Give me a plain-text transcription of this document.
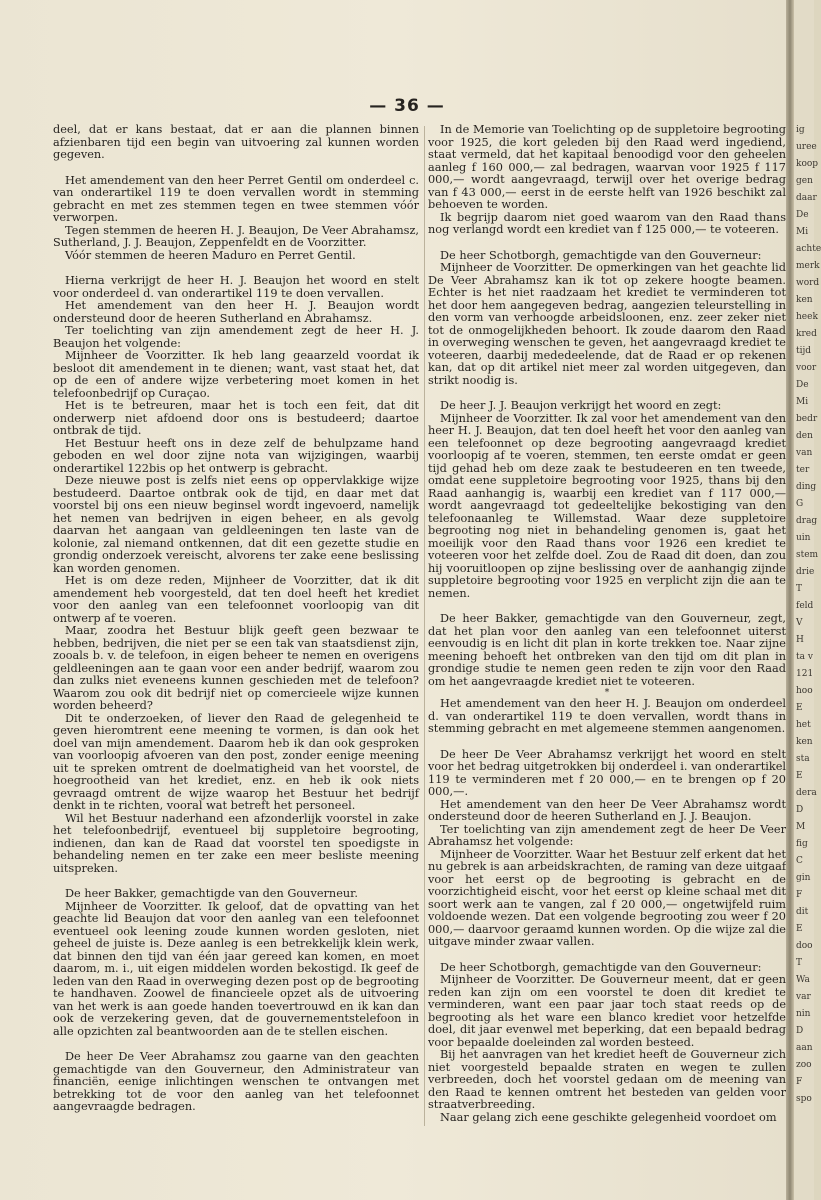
— 36 —

deel, dat er kans bestaat, dat er aan die plannen binnen afzienbaren tijd een begin van uitvoering zal kunnen worden gegeven.

Het amendement van den heer Perret Gentil om onderdeel c. van onderartikel 119 te doen vervallen wordt in stemming gebracht en met zes stemmen tegen en twee stemmen vóór verworpen.

Tegen stemmen de heeren H. J. Beaujon, De Veer Abrahamsz, Sutherland, J. J. Beaujon, Zeppenfeldt en de Voorzitter.

Vóór stemmen de heeren Maduro en Perret Gentil.

Hierna verkrijgt de heer H. J. Beaujon het woord en stelt voor onderdeel d. van onderartikel 119 te doen vervallen.

Het amendement van den heer H. J. Beaujon wordt ondersteund door de heeren Sutherland en Abrahamsz.

Ter toelichting van zijn amendement zegt de heer H. J. Beaujon het volgende:

Mijnheer de Voorzitter. Ik heb lang geaarzeld voordat ik besloot dit amendement in te dienen; want, vast staat het, dat op de een of andere wijze verbetering moet komen in het telefoonbedrijf op Curaçao.

Het is te betreuren, maar het is toch een feit, dat dit onderwerp niet afdoend door ons is bestudeerd; daartoe ontbrak de tijd.

Het Bestuur heeft ons in deze zelf de behulpzame hand geboden en wel door zijne nota van wijzigingen, waarbij onderartikel 122bis op het ontwerp is gebracht.

Deze nieuwe post is zelfs niet eens op oppervlakkige wijze bestudeerd. Daartoe ontbrak ook de tijd, en daar met dat voorstel bij ons een nieuw beginsel wordt ingevoerd, namelijk het nemen van bedrijven in eigen beheer, en als gevolg daarvan het aangaan van geldleeningen ten laste van de kolonie, zal niemand ontkennen, dat dit een gezette studie en grondig onderzoek vereischt, alvorens ter zake eene beslissing kan worden genomen.

Het is om deze reden, Mijnheer de Voorzitter, dat ik dit amendement heb voorgesteld, dat ten doel heeft het krediet voor den aanleg van een telefoonnet voorloopig van dit ontwerp af te voeren.

Maar, zoodra het Bestuur blijk geeft geen bezwaar te hebben, bedrijven, die niet per se een tak van staatsdienst zijn, zooals b. v. de telefoon, in eigen beheer te nemen en overigens geldleeningen aan te gaan voor een ander bedrijf, waarom zou dan zulks niet eveneens kunnen geschieden met de telefoon? Waarom zou ook dit bedrijf niet op comercieele wijze kunnen worden beheerd?

Dit te onderzoeken, of liever den Raad de gelegenheid te geven hieromtrent eene meening te vormen, is dan ook het doel van mijn amendement. Daarom heb ik dan ook gesproken van voorloopig afvoeren van den post, zonder eenige meening uit te spreken omtrent de doelmatigheid van het voorstel, de hoegrootheid van het krediet, enz. en heb ik ook niets gevraagd omtrent de wijze waarop het Bestuur het bedrijf denkt in te richten, vooral wat betreft het personeel.

Wil het Bestuur naderhand een afzonderlijk voorstel in zake het telefoonbedrijf, eventueel bij suppletoire begrooting, indienen, dan kan de Raad dat voorstel ten spoedigste in behandeling nemen en ter zake een meer besliste meening uitspreken.

De heer Bakker, gemachtigde van den Gouverneur.

Mijnheer de Voorzitter. Ik geloof, dat de opvatting van het geachte lid Beaujon dat voor den aanleg van een telefoonnet eventueel ook leening zoude kunnen worden gesloten, niet geheel de juiste is. Deze aanleg is een betrekkelijk klein werk, dat binnen den tijd van één jaar gereed kan komen, en moet daarom, m. i., uit eigen middelen worden bekostigd. Ik geef de leden van den Raad in overweging dezen post op de begrooting te handhaven. Zoowel de financieele opzet als de uitvoering van het werk is aan goede handen toevertrouwd en ik kan dan ook de verzekering geven, dat de gouvernementstelefoon in alle opzichten zal beantwoorden aan de te stellen eischen.

De heer De Veer Abrahamsz zou gaarne van den geachten gemachtigde van den Gouverneur, den Administrateur van financiën, eenige inlichtingen wenschen te ontvangen met betrekking tot de voor den aanleg van het telefoonnet aangevraagde bedragen.

In de Memorie van Toelichting op de suppletoire begrooting voor 1925, die kort geleden bij den Raad werd ingediend, staat vermeld, dat het kapitaal benoodigd voor den geheelen aanleg f 160 000,— zal bedragen, waarvan voor 1925 f 117 000,— wordt aangevraagd, terwijl over het overige bedrag van f 43 000,— eerst in de eerste helft van 1926 beschikt zal behoeven te worden.

Ik begrijp daarom niet goed waarom van den Raad thans nog verlangd wordt een krediet van f 125 000,— te voteeren.

De heer Schotborgh, gemachtigde van den Gouverneur:

Mijnheer de Voorzitter. De opmerkingen van het geachte lid De Veer Abrahamsz kan ik tot op zekere hoogte beamen. Echter is het niet raadzaam het krediet te verminderen tot het door hem aangegeven bedrag, aangezien teleurstelling in den vorm van verhoogde arbeidsloonen, enz. zeer zeker niet tot de onmogelijkheden behoort. Ik zoude daarom den Raad in overweging wenschen te geven, het aangevraagd krediet te voteeren, daarbij mededeelende, dat de Raad er op rekenen kan, dat op dit artikel niet meer zal worden uitgegeven, dan strikt noodig is.

De heer J. J. Beaujon verkrijgt het woord en zegt:

Mijnheer de Voorzitter. Ik zal voor het amendement van den heer H. J. Beaujon, dat ten doel heeft het voor den aanleg van een telefoonnet op deze begrooting aangevraagd krediet voorloopig af te voeren, stemmen, ten eerste omdat er geen tijd gehad heb om deze zaak te bestudeeren en ten tweede, omdat eene suppletoire begrooting voor 1925, thans bij den Raad aanhangig is, waarbij een krediet van f 117 000,— wordt aangevraagd tot gedeeltelijke bekostiging van den telefoonaanleg te Willemstad. Waar deze suppletoire begrooting nog niet in behandeling genomen is, gaat het moeilijk voor den Raad thans voor 1926 een krediet te voteeren voor het zelfde doel. Zou de Raad dit doen, dan zou hij vooruitloopen op zijne beslissing over de aanhangig zijnde suppletoire begrooting voor 1925 en verplicht zijn die aan te nemen.

De heer Bakker, gemachtigde van den Gouverneur, zegt, dat het plan voor den aanleg van een telefoonnet uiterst eenvoudig is en licht dit plan in korte trekken toe. Naar zijne meening behoeft het ontbreken van den tijd om dit plan in grondige studie te nemen geen reden te zijn voor den Raad om het aangevraagde krediet niet te voteeren.

*

Het amendement van den heer H. J. Beaujon om onderdeel d. van onderartikel 119 te doen vervallen, wordt thans in stemming gebracht en met algemeene stemmen aangenomen.

De heer De Veer Abrahamsz verkrijgt het woord en stelt voor het bedrag uitgetrokken bij onderdeel i. van onderartikel 119 te verminderen met f 20 000,— en te brengen op f 20 000,—.

Het amendement van den heer De Veer Abrahamsz wordt ondersteund door de heeren Sutherland en J. J. Beaujon.

Ter toelichting van zijn amendement zegt de heer De Veer Abrahamsz het volgende:

Mijnheer de Voorzitter. Waar het Bestuur zelf erkent dat het nu gebrek is aan arbeidskrachten, de raming van deze uitgaaf voor het eerst op de begrooting is gebracht en de voorzichtigheid eischt, voor het eerst op kleine schaal met dit soort werk aan te vangen, zal f 20 000,— ongetwijfeld ruim voldoende wezen. Dat een volgende begrooting zou weer f 20 000,— daarvoor geraamd kunnen worden. Op die wijze zal die uitgave minder zwaar vallen.

De heer Schotborgh, gemachtigde van den Gouverneur:

Mijnheer de Voorzitter. De Gouverneur meent, dat er geen reden kan zijn om een voorstel te doen dit krediet te verminderen, want een paar jaar toch staat reeds op de begrooting als het ware een blanco krediet voor hetzelfde doel, dit jaar evenwel met beperking, dat een bepaald bedrag voor bepaalde doeleinden zal worden besteed.

Bij het aanvragen van het krediet heeft de Gouverneur zich niet voorgesteld bepaalde straten en wegen te zullen verbreeden, doch het voorstel gedaan om de meening van den Raad te kennen omtrent het besteden van gelden voor straatverbreeding.

Naar gelang zich eene geschikte gelegenheid voordoet om

ig
uree
koop
gen
daar
De
Mi
achte
merk
word
ken
heek
kred
tijd
voor
De
Mi
bedr
den
van
ter
ding
G
drag
uin
stem
drie
T
feld
V
H
ta v
121
hoo
E
het
ken
sta
E
dera
D
M
fig
C
gin
F
dit
E
doo
T
Wa
var
nin
D
aan
zoo
F
spo
